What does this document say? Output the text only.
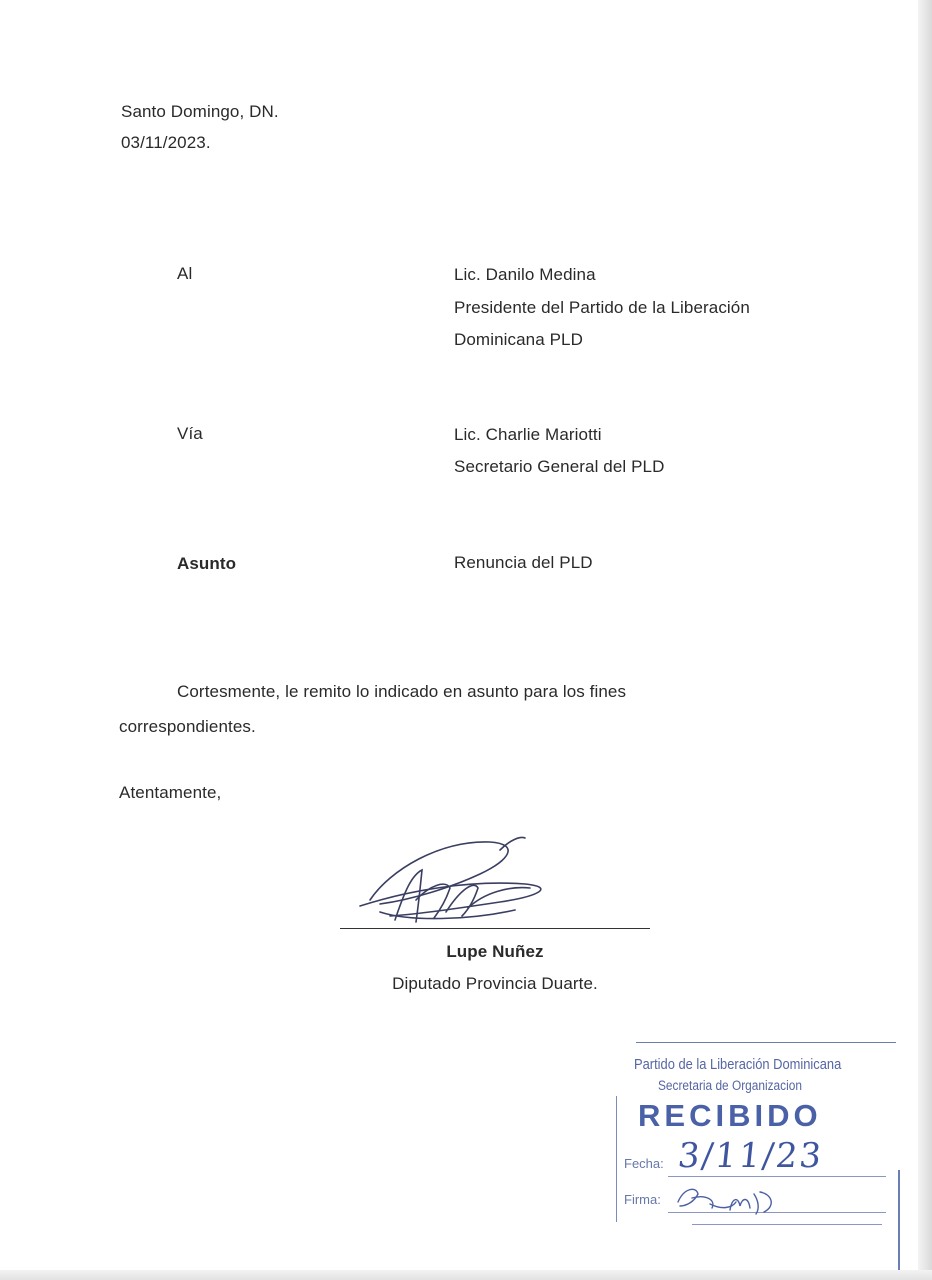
Santo Domingo, DN.
03/11/2023.
Al	Lic. Danilo Medina
Presidente del Partido de la Liberación
Dominicana PLD
Vía	Lic. Charlie Mariotti
Secretario General del PLD
Asunto	Renuncia del PLD
Cortesmente, le remito lo indicado en asunto para los fines
correspondientes.
Atentamente,
Lupe Nuñez
Diputado Provincia Duarte.
Partido de la Liberación Dominicana
Secretaria de Organizacion
RECIBIDO
Fecha: 3/11/23
Firma:
